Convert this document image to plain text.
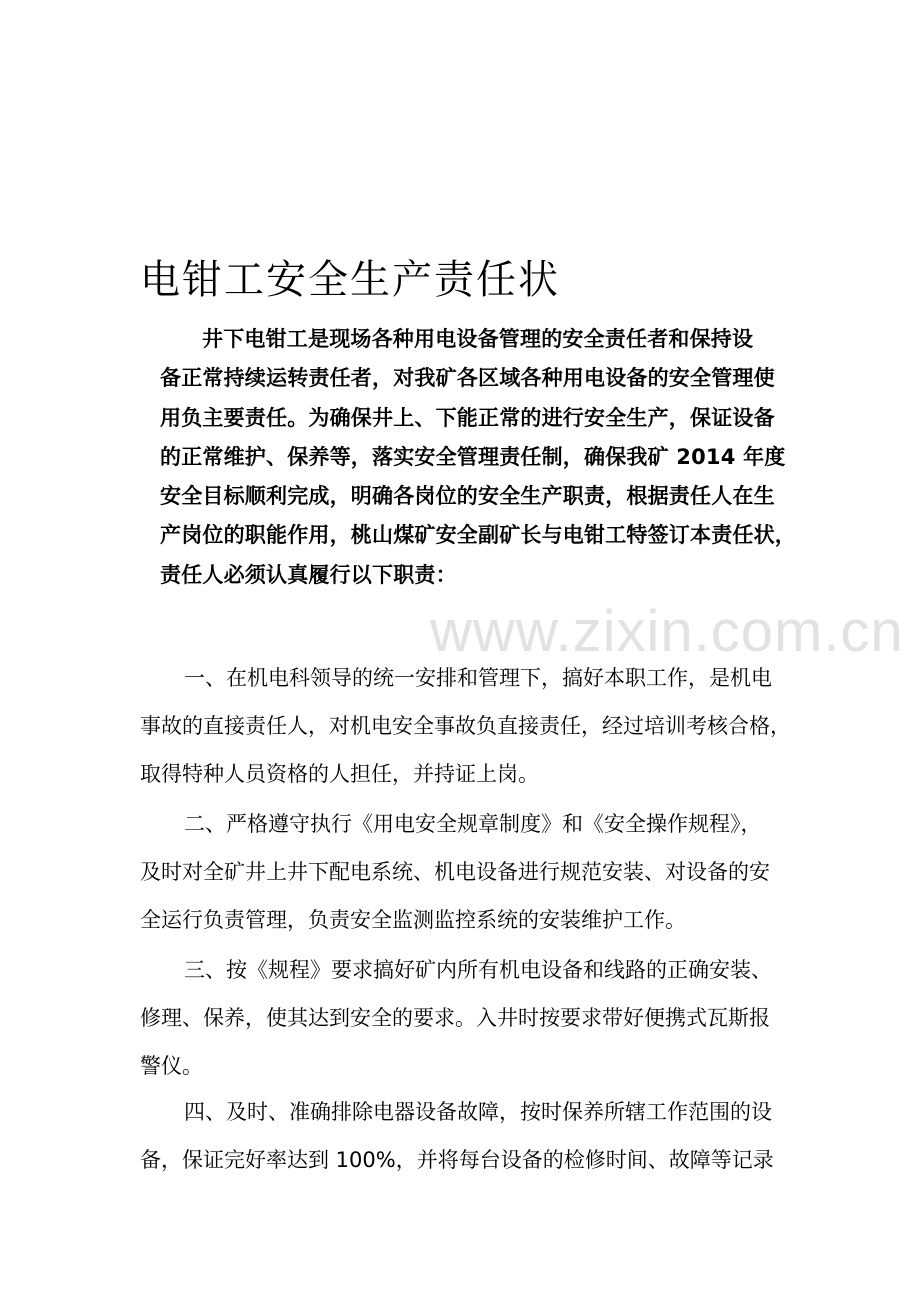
电钳工安全生产责任状
井下电钳工是现场各种用电设备管理的安全责任者和保持设
备正常持续运转责任者，对我矿各区域各种用电设备的安全管理使
用负主要责任。为确保井上、下能正常的进行安全生产，保证设备
的正常维护、保养等，落实安全管理责任制，确保我矿 2014 年度
安全目标顺利完成，明确各岗位的安全生产职责，根据责任人在生
产岗位的职能作用，桃山煤矿安全副矿长与电钳工特签订本责任状，
责任人必须认真履行以下职责：
一、在机电科领导的统一安排和管理下，搞好本职工作，是机电
事故的直接责任人，对机电安全事故负直接责任，经过培训考核合格，
取得特种人员资格的人担任，并持证上岗。
二、严格遵守执行《用电安全规章制度》和《安全操作规程》，
及时对全矿井上井下配电系统、机电设备进行规范安装、对设备的安
全运行负责管理，负责安全监测监控系统的安装维护工作。
三、按《规程》要求搞好矿内所有机电设备和线路的正确安装、
修理、保养，使其达到安全的要求。入井时按要求带好便携式瓦斯报
警仪。
四、及时、准确排除电器设备故障，按时保养所辖工作范围的设
备，保证完好率达到 100%，并将每台设备的检修时间、故障等记录
www.zixin.com.cn
